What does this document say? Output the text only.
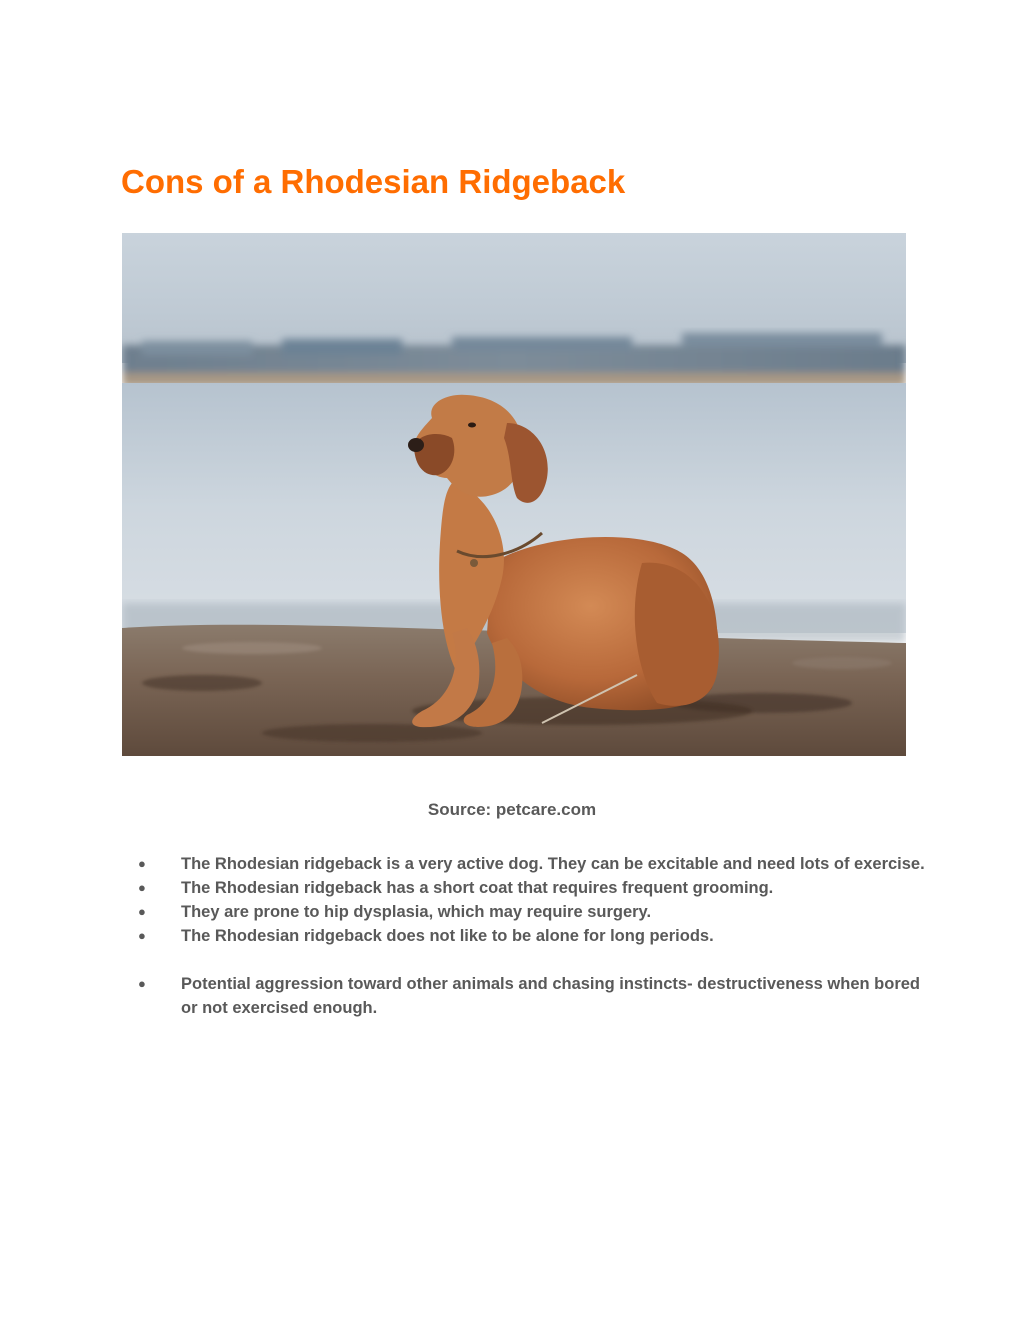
Cons of a Rhodesian Ridgeback

Source: petcare.com

● The Rhodesian ridgeback is a very active dog. They can be excitable and need lots of exercise.
● The Rhodesian ridgeback has a short coat that requires frequent grooming.
● They are prone to hip dysplasia, which may require surgery.
● The Rhodesian ridgeback does not like to be alone for long periods.
● Potential aggression toward other animals and chasing instincts- destructiveness when bored or not exercised enough.
